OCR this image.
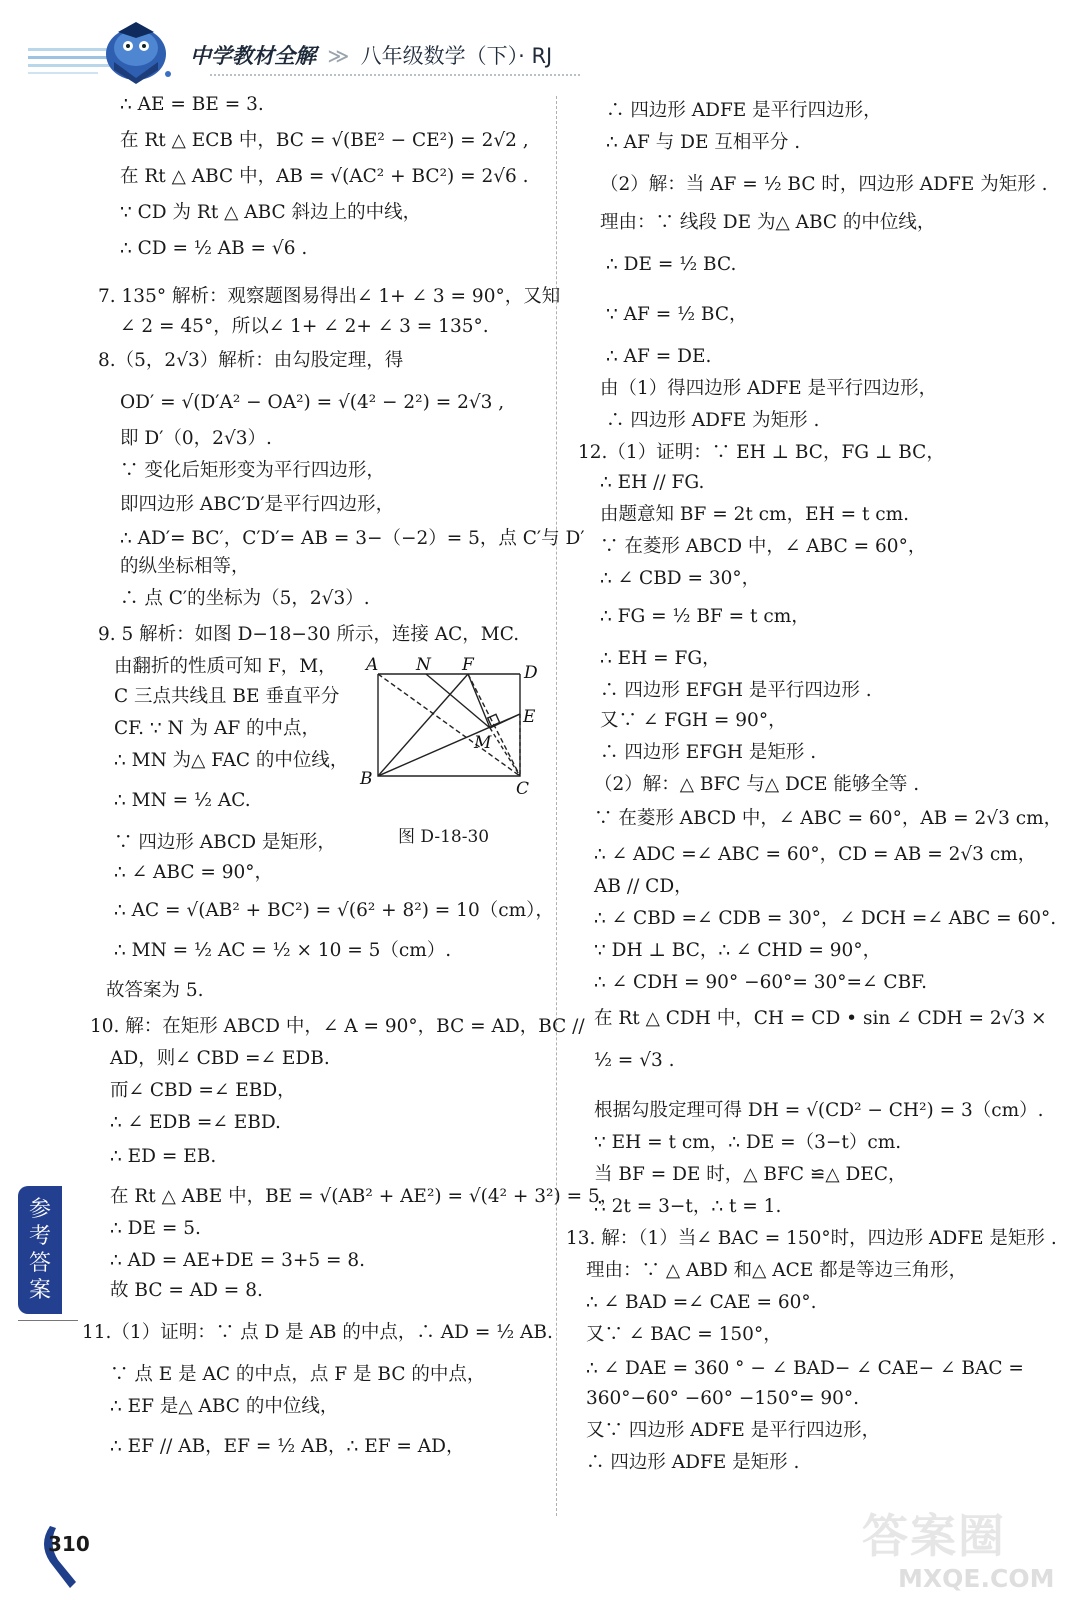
中学教材全解 ≫ 八年级数学（下）· RJ
∴ AE = BE = 3.
在 Rt △ ECB 中，BC = √(BE² − CE²) = 2√2 ,
在 Rt △ ABC 中，AB = √(AC² + BC²) = 2√6 .
∵ CD 为 Rt △ ABC 斜边上的中线，
∴ CD = ½ AB = √6 .
7. 135° 解析：观察题图易得出∠ 1+ ∠ 3 = 90°，又知
∠ 2 = 45°，所以∠ 1+ ∠ 2+ ∠ 3 = 135°.
8.（5，2√3）解析：由勾股定理，得
OD′ = √(D′A² − OA²) = √(4² − 2²) = 2√3 ,
即 D′（0，2√3）.
∵ 变化后矩形变为平行四边形，
即四边形 ABC′D′是平行四边形，
∴ AD′= BC′，C′D′= AB = 3−（−2）= 5，点 C′与 D′
的纵坐标相等，
∴ 点 C′的坐标为（5，2√3）.
9. 5 解析：如图 D−18−30 所示，连接 AC，MC.
由翻折的性质可知 F，M，
C 三点共线且 BE 垂直平分
CF. ∵ N 为 AF 的中点，
∴ MN 为△ FAC 的中位线，
∴ MN = ½ AC.
∵ 四边形 ABCD 是矩形，
∴ ∠ ABC = 90°，
∴ AC = √(AB² + BC²) = √(6² + 8²) = 10（cm），
∴ MN = ½ AC = ½ × 10 = 5（cm）.
故答案为 5.
10. 解：在矩形 ABCD 中，∠ A = 90°，BC = AD，BC //
AD，则∠ CBD =∠ EDB.
而∠ CBD =∠ EBD，
∴ ∠ EDB =∠ EBD.
∴ ED = EB.
在 Rt △ ABE 中，BE = √(AB² + AE²) = √(4² + 3²) = 5，
∴ DE = 5.
∴ AD = AE+DE = 3+5 = 8.
故 BC = AD = 8.
11.（1）证明：∵ 点 D 是 AB 的中点，∴ AD = ½ AB.
∵ 点 E 是 AC 的中点，点 F 是 BC 的中点，
∴ EF 是△ ABC 的中位线，
∴ EF // AB，EF = ½ AB，∴ EF = AD，
A N F	D
E
M
B	C
图 D-18-30
∴ 四边形 ADFE 是平行四边形，
∴ AF 与 DE 互相平分 .
（2）解：当 AF = ½ BC 时，四边形 ADFE 为矩形 .
理由：∵ 线段 DE 为△ ABC 的中位线，
∴ DE = ½ BC.
∵ AF = ½ BC，
∴ AF = DE.
由（1）得四边形 ADFE 是平行四边形，
∴ 四边形 ADFE 为矩形 .
12.（1）证明：∵ EH ⊥ BC，FG ⊥ BC，
∴ EH // FG.
由题意知 BF = 2t cm，EH = t cm.
∵ 在菱形 ABCD 中，∠ ABC = 60°，
∴ ∠ CBD = 30°，
∴ FG = ½ BF = t cm，
∴ EH = FG，
∴ 四边形 EFGH 是平行四边形 .
又∵ ∠ FGH = 90°，
∴ 四边形 EFGH 是矩形 .
（2）解：△ BFC 与△ DCE 能够全等 .
∵ 在菱形 ABCD 中，∠ ABC = 60°，AB = 2√3 cm，
∴ ∠ ADC =∠ ABC = 60°，CD = AB = 2√3 cm，
AB // CD，
∴ ∠ CBD =∠ CDB = 30°，∠ DCH =∠ ABC = 60°.
∵ DH ⊥ BC，∴ ∠ CHD = 90°，
∴ ∠ CDH = 90° −60°= 30°=∠ CBF.
在 Rt △ CDH 中，CH = CD • sin ∠ CDH = 2√3 ×
½ = √3 .
根据勾股定理可得 DH = √(CD² − CH²) = 3（cm）.
∵ EH = t cm，∴ DE =（3−t）cm.
当 BF = DE 时，△ BFC ≌△ DEC，
∴ 2t = 3−t，∴ t = 1.
13. 解：（1）当∠ BAC = 150°时，四边形 ADFE 是矩形 .
理由：∵ △ ABD 和△ ACE 都是等边三角形，
∴ ∠ BAD =∠ CAE = 60°.
又∵ ∠ BAC = 150°，
∴ ∠ DAE = 360 ° − ∠ BAD− ∠ CAE− ∠ BAC =
360°−60° −60° −150°= 90°.
又∵ 四边形 ADFE 是平行四边形，
∴ 四边形 ADFE 是矩形 .
参考答案
310	答案圈
MXQE.COM
